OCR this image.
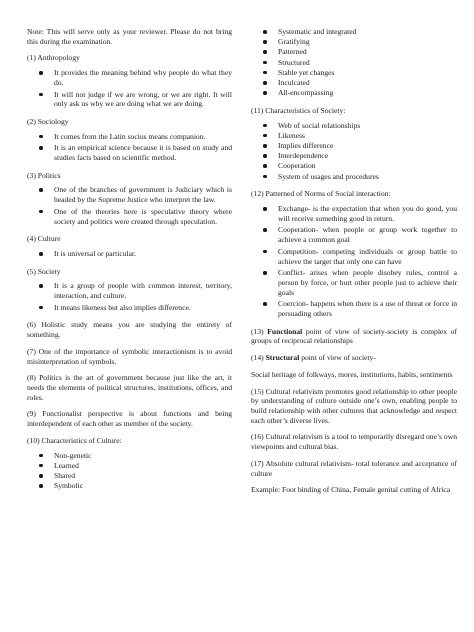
Note: This will serve only as your reviewer. Please do not bring this during the examination.

(1) Anthropology

It provides the meaning behind why people do what they do.
It will not judge if we are wrong, or we are right. It will only ask us why we are doing what we are doing.

(2) Sociology

It comes from the Latin socius means companion.
It is an empirical science because it is based on study and studies facts based on scientific method.

(3) Politics

One of the branches of government is Judiciary which is headed by the Supreme Justice who interpret the law.
One of the theories here is speculative theory where society and politics were created through speculation.

(4) Culture

It is universal or particular.

(5) Society

It is a group of people with common interest, territory, interaction, and culture.
It means likeness but also implies difference.

(6) Holistic study means you are studying the entirety of something.

(7) One of the importance of symbolic interactionism is to avoid misinterpretation of symbols.

(8) Politics is the art of government because just like the art, it needs the elements of political structures, institutions, offices, and roles.

(9) Functionalist perspective is about functions and being interdependent of each other as member of the society.

(10) Characteristics of Culture:

Non-genetic
Learned
Shared
Symbolic
Systematic and integrated
Gratifying
Patterned
Structured
Stable yet changes
Inculcated
All-encompassing

(11) Characteristics of Society:

Web of social relationships
Likeness
Implies difference
Interdependence
Cooperation
System of usages and procedures

(12) Patterned of Norms of Social interaction:

Exchange- is the expectation that when you do good, you will receive something good in return.
Cooperation- when people or group work together to achieve a common goal
Competition- competing individuals or group battle to achieve the target that only one can have
Conflict- arises when people disobey rules, control a person by force, or hurt other people just to achieve their goals
Coercion- happens when there is a use of threat or force in persuading others

(13) Functional point of view of society-society is complex of groups of reciprocal relationships

(14) Structural point of view of society-

Social heritage of folkways, mores, institutions, habits, sentiments

(15) Cultural relativism promotes good relationship to other people by understanding of culture outside one’s own, enabling people to build relationship with other cultures that acknowledge and respect each other’s diverse lives.

(16) Cultural relativism is a tool to temporarily disregard one’s own viewpoints and cultural bias.

(17) Absolute cultural relativism- total tolerance and acceptance of culture

Example: Foot binding of China, Female genital cutting of Africa
